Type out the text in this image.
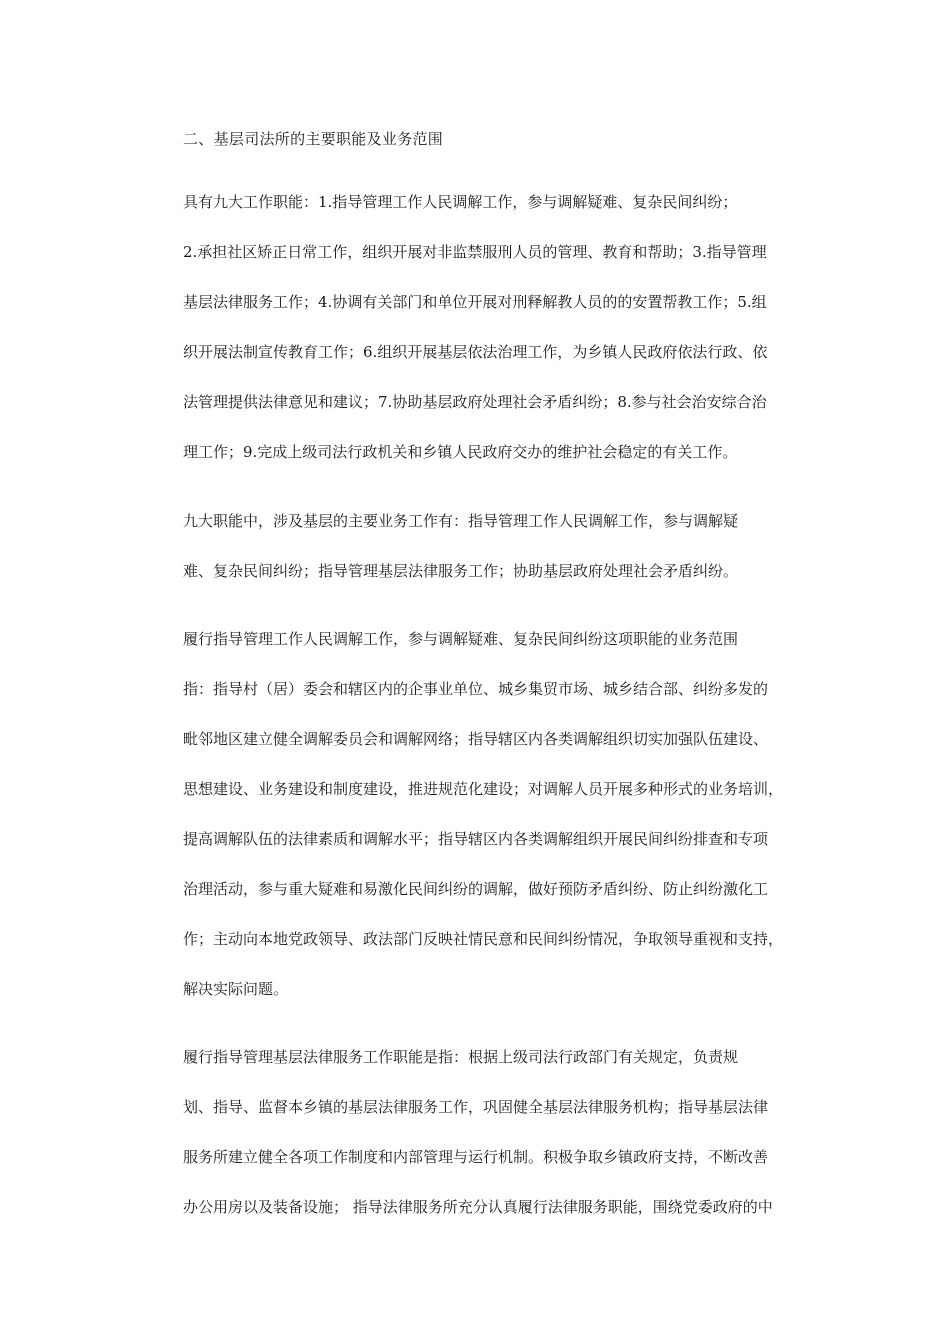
二、基层司法所的主要职能及业务范围

具有九大工作职能：1.指导管理工作人民调解工作，参与调解疑难、复杂民间纠纷；
2.承担社区矫正日常工作，组织开展对非监禁服刑人员的管理、教育和帮助；3.指导管理
基层法律服务工作；4.协调有关部门和单位开展对刑释解教人员的的安置帮教工作；5.组
织开展法制宣传教育工作；6.组织开展基层依法治理工作，为乡镇人民政府依法行政、依
法管理提供法律意见和建议；7.协助基层政府处理社会矛盾纠纷；8.参与社会治安综合治
理工作；9.完成上级司法行政机关和乡镇人民政府交办的维护社会稳定的有关工作。

九大职能中，涉及基层的主要业务工作有：指导管理工作人民调解工作，参与调解疑
难、复杂民间纠纷；指导管理基层法律服务工作；协助基层政府处理社会矛盾纠纷。

履行指导管理工作人民调解工作，参与调解疑难、复杂民间纠纷这项职能的业务范围
指：指导村（居）委会和辖区内的企事业单位、城乡集贸市场、城乡结合部、纠纷多发的
毗邻地区建立健全调解委员会和调解网络；指导辖区内各类调解组织切实加强队伍建设、
思想建设、业务建设和制度建设，推进规范化建设；对调解人员开展多种形式的业务培训，
提高调解队伍的法律素质和调解水平；指导辖区内各类调解组织开展民间纠纷排查和专项
治理活动，参与重大疑难和易激化民间纠纷的调解，做好预防矛盾纠纷、防止纠纷激化工
作；主动向本地党政领导、政法部门反映社情民意和民间纠纷情况，争取领导重视和支持，
解决实际问题。

履行指导管理基层法律服务工作职能是指：根据上级司法行政部门有关规定，负责规
划、指导、监督本乡镇的基层法律服务工作，巩固健全基层法律服务机构；指导基层法律
服务所建立健全各项工作制度和内部管理与运行机制。积极争取乡镇政府支持，不断改善
办公用房以及装备设施； 指导法律服务所充分认真履行法律服务职能，围绕党委政府的中
